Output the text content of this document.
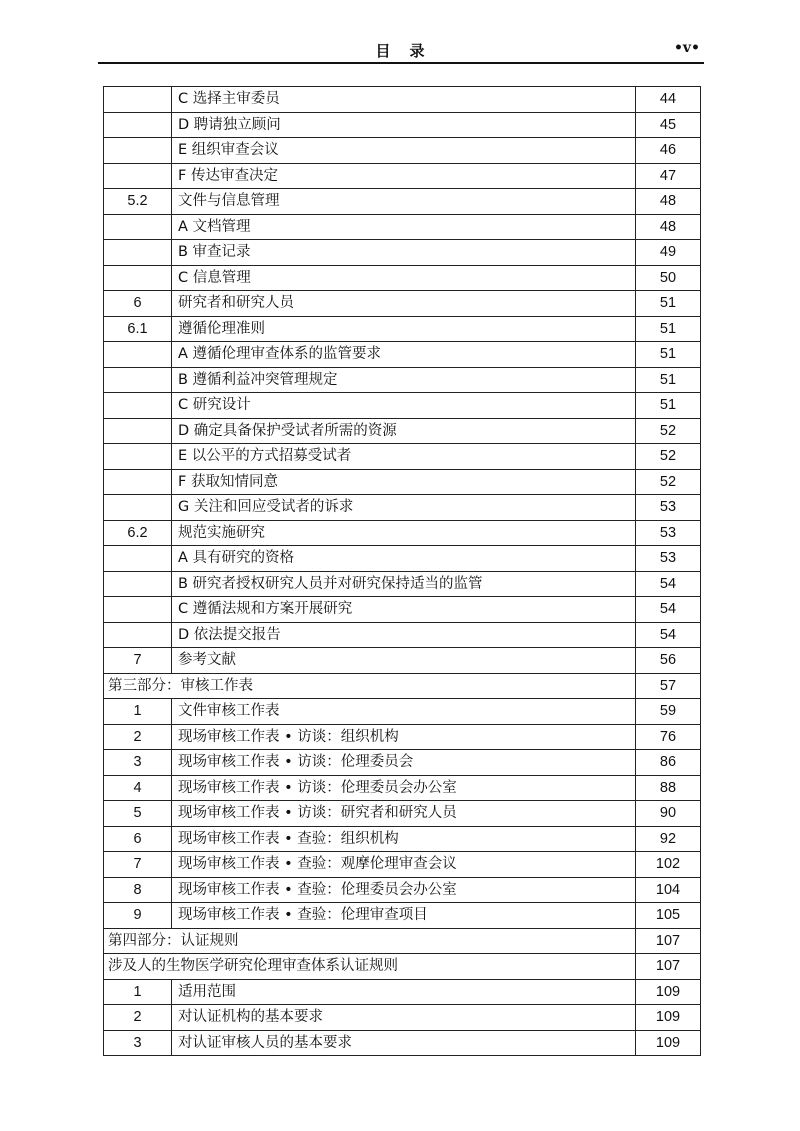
目　录	•v•
	C 选择主审委员	44
	D 聘请独立顾问	45
	E 组织审查会议	46
	F 传达审查决定	47
5.2	文件与信息管理	48
	A 文档管理	48
	B 审查记录	49
	C 信息管理	50
6	研究者和研究人员	51
6.1	遵循伦理准则	51
	A 遵循伦理审查体系的监管要求	51
	B 遵循利益冲突管理规定	51
	C 研究设计	51
	D 确定具备保护受试者所需的资源	52
	E 以公平的方式招募受试者	52
	F 获取知情同意	52
	G 关注和回应受试者的诉求	53
6.2	规范实施研究	53
	A 具有研究的资格	53
	B 研究者授权研究人员并对研究保持适当的监管	54
	C 遵循法规和方案开展研究	54
	D 依法提交报告	54
7	参考文献	56
第三部分：审核工作表		57
1	文件审核工作表	59
2	现场审核工作表 • 访谈：组织机构	76
3	现场审核工作表 • 访谈：伦理委员会	86
4	现场审核工作表 • 访谈：伦理委员会办公室	88
5	现场审核工作表 • 访谈：研究者和研究人员	90
6	现场审核工作表 • 查验：组织机构	92
7	现场审核工作表 • 查验：观摩伦理审查会议	102
8	现场审核工作表 • 查验：伦理委员会办公室	104
9	现场审核工作表 • 查验：伦理审查项目	105
第四部分：认证规则		107
涉及人的生物医学研究伦理审查体系认证规则		107
1	适用范围	109
2	对认证机构的基本要求	109
3	对认证审核人员的基本要求	109
